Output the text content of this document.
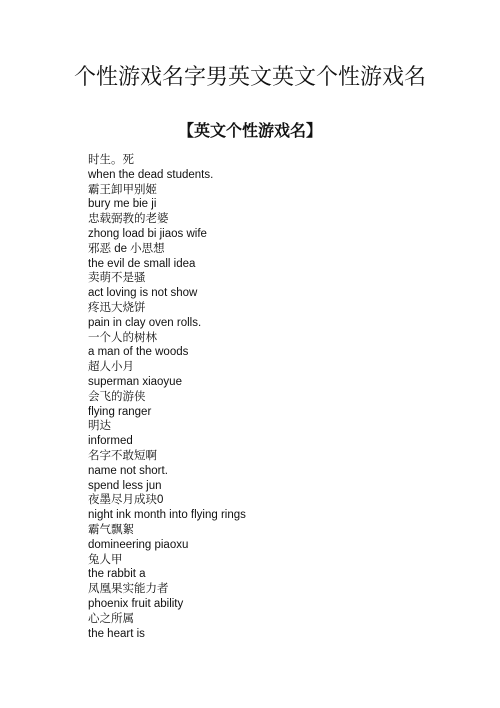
个性游戏名字男英文英文个性游戏名
【英文个性游戏名】
时生。死
when the dead students.
霸王卸甲别姬
bury me bie ji
忠载弼教的老婆
zhong load bi jiaos wife
邪恶 de 小思想
the evil de small idea
卖萌不是骚
act loving is not show
疼迅大烧饼
pain in clay oven rolls.
一个人的树林
a man of the woods
超人小月
superman xiaoyue
会飞的游侠
flying ranger
明达
informed
名字不敢短啊
name not short.
spend less jun
夜墨尽月成玦0
night ink month into flying rings
霸气飘絮
domineering piaoxu
兔人甲
the rabbit a
凤凰果实能力者
phoenix fruit ability
心之所属
the heart is
